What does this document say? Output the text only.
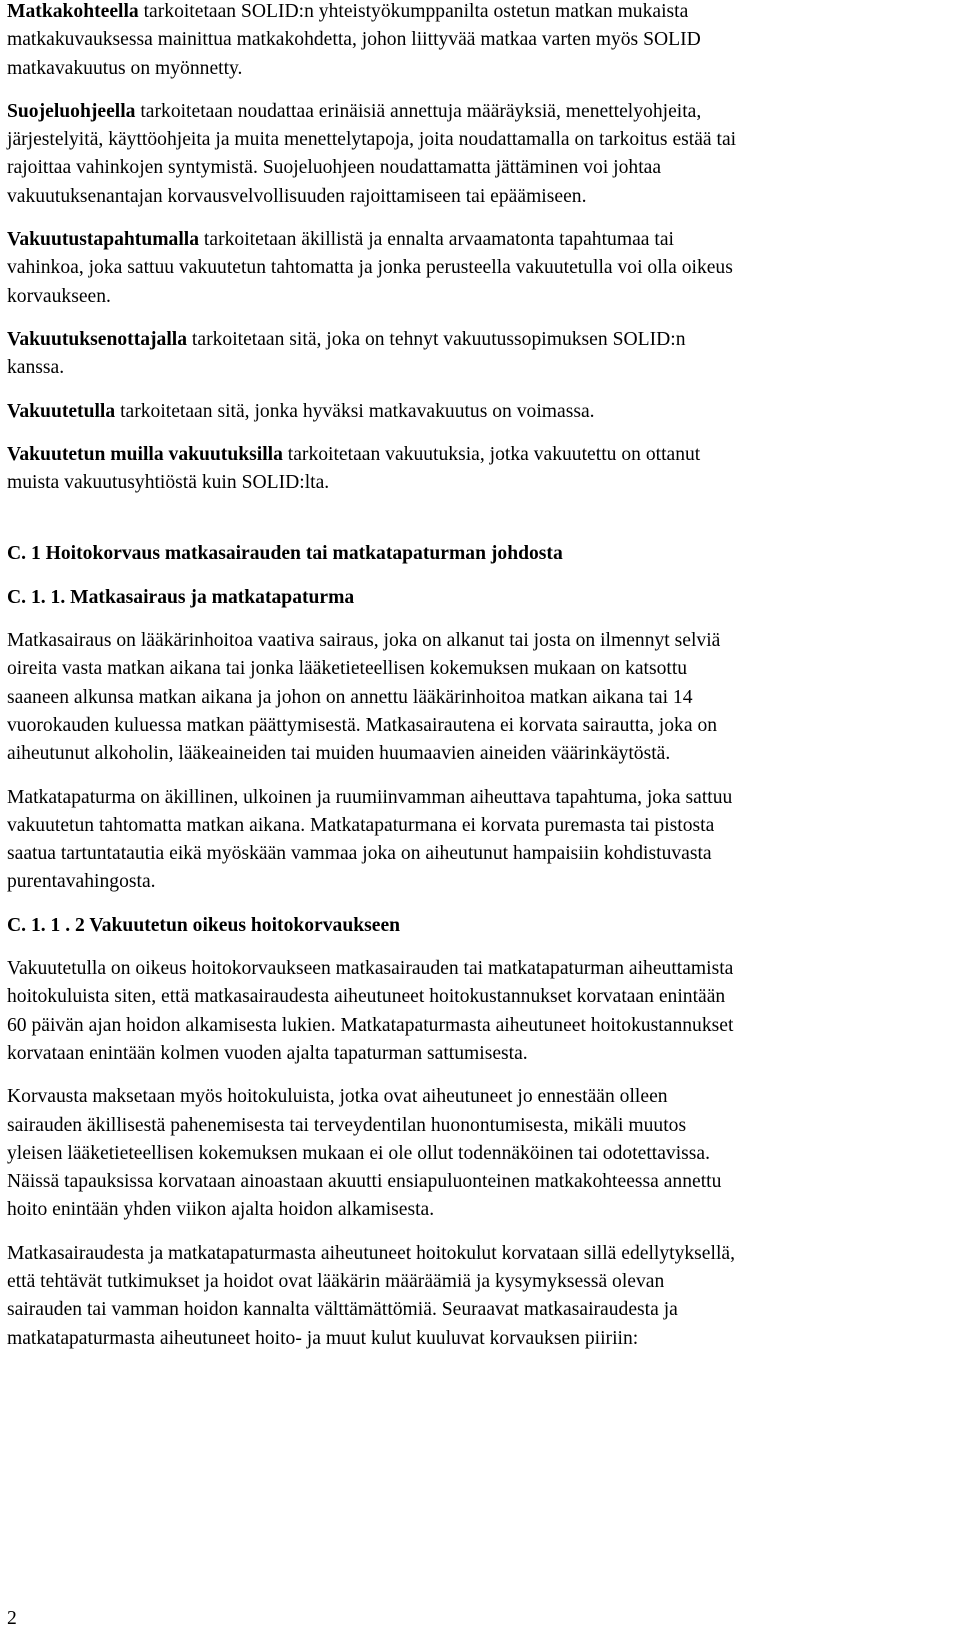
Matkakohteella tarkoitetaan SOLID:n yhteistyökumppanilta ostetun matkan mukaista
matkakuvauksessa mainittua matkakohdetta, johon liittyvää matkaa varten myös SOLID
matkavakuutus on myönnetty.

Suojeluohjeella tarkoitetaan noudattaa erinäisiä annettuja määräyksiä, menettelyohjeita,
järjestelyitä, käyttöohjeita ja muita menettelytapoja, joita noudattamalla on tarkoitus estää tai
rajoittaa vahinkojen syntymistä. Suojeluohjeen noudattamatta jättäminen voi johtaa
vakuutuksenantajan korvausvelvollisuuden rajoittamiseen tai epäämiseen.

Vakuutustapahtumalla tarkoitetaan äkillistä ja ennalta arvaamatonta tapahtumaa tai
vahinkoa, joka sattuu vakuutetun tahtomatta ja jonka perusteella vakuutetulla voi olla oikeus
korvaukseen.

Vakuutuksenottajalla tarkoitetaan sitä, joka on tehnyt vakuutussopimuksen SOLID:n
kanssa.

Vakuutetulla tarkoitetaan sitä, jonka hyväksi matkavakuutus on voimassa.

Vakuutetun muilla vakuutuksilla tarkoitetaan vakuutuksia, jotka vakuutettu on ottanut
muista vakuutusyhtiöstä kuin SOLID:lta.

C. 1 Hoitokorvaus matkasairauden tai matkatapaturman johdosta

C. 1. 1. Matkasairaus ja matkatapaturma

Matkasairaus on lääkärinhoitoa vaativa sairaus, joka on alkanut tai josta on ilmennyt selviä
oireita vasta matkan aikana tai jonka lääketieteellisen kokemuksen mukaan on katsottu
saaneen alkunsa matkan aikana ja johon on annettu lääkärinhoitoa matkan aikana tai 14
vuorokauden kuluessa matkan päättymisestä. Matkasairautena ei korvata sairautta, joka on
aiheutunut alkoholin, lääkeaineiden tai muiden huumaavien aineiden väärinkäytöstä.

Matkatapaturma on äkillinen, ulkoinen ja ruumiinvamman aiheuttava tapahtuma, joka sattuu
vakuutetun tahtomatta matkan aikana. Matkatapaturmana ei korvata puremasta tai pistosta
saatua tartuntatautia eikä myöskään vammaa joka on aiheutunut hampaisiin kohdistuvasta
purentavahingosta.

C. 1. 1 . 2 Vakuutetun oikeus hoitokorvaukseen

Vakuutetulla on oikeus hoitokorvaukseen matkasairauden tai matkatapaturman aiheuttamista
hoitokuluista siten, että matkasairaudesta aiheutuneet hoitokustannukset korvataan enintään
60 päivän ajan hoidon alkamisesta lukien. Matkatapaturmasta aiheutuneet hoitokustannukset
korvataan enintään kolmen vuoden ajalta tapaturman sattumisesta.

Korvausta maksetaan myös hoitokuluista, jotka ovat aiheutuneet jo ennestään olleen
sairauden äkillisestä pahenemisesta tai terveydentilan huonontumisesta, mikäli muutos
yleisen lääketieteellisen kokemuksen mukaan ei ole ollut todennäköinen tai odotettavissa.
Näissä tapauksissa korvataan ainoastaan akuutti ensiapuluonteinen matkakohteessa annettu
hoito enintään yhden viikon ajalta hoidon alkamisesta.

Matkasairaudesta ja matkatapaturmasta aiheutuneet hoitokulut korvataan sillä edellytyksellä,
että tehtävät tutkimukset ja hoidot ovat lääkärin määräämiä ja kysymyksessä olevan
sairauden tai vamman hoidon kannalta välttämättömiä. Seuraavat matkasairaudesta ja
matkatapaturmasta aiheutuneet hoito- ja muut kulut kuuluvat korvauksen piiriin:

2
